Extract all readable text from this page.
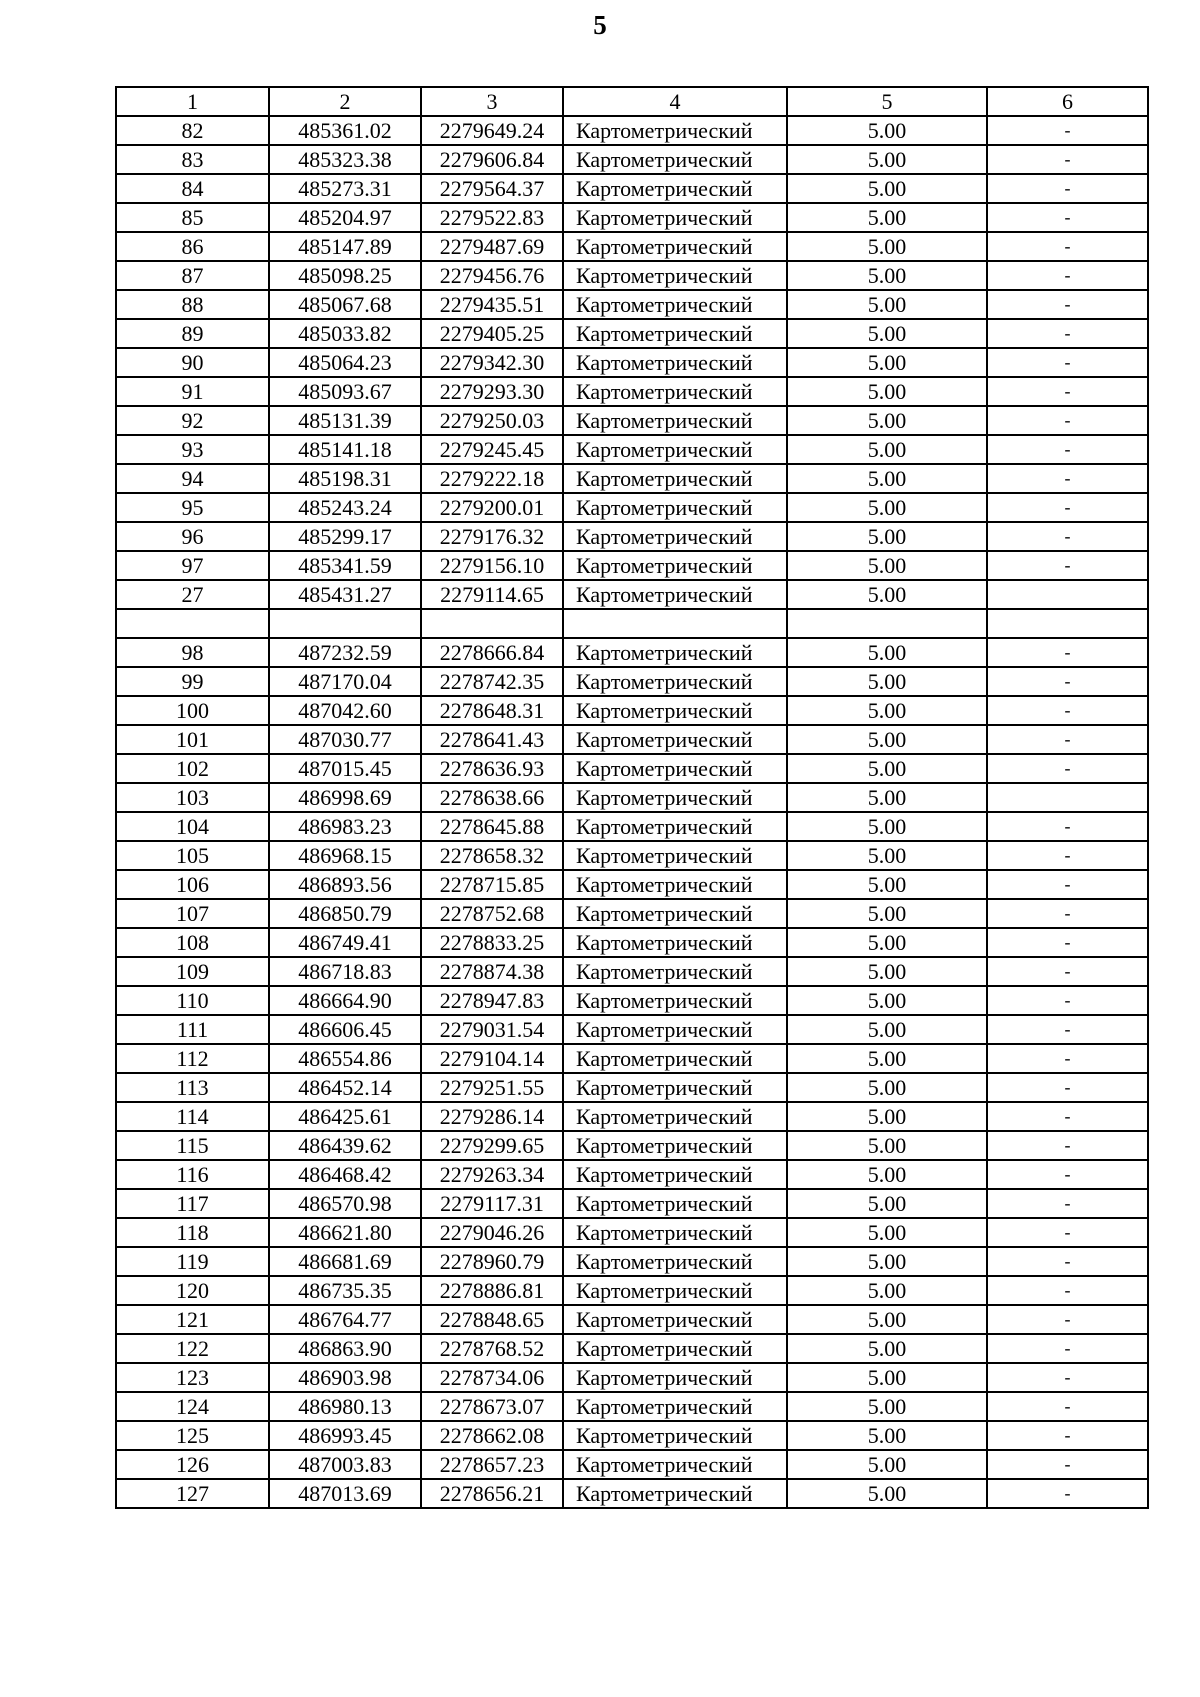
5
1	2	3	4	5	6
82	485361.02	2279649.24	Картометрический	5.00	-
83	485323.38	2279606.84	Картометрический	5.00	-
84	485273.31	2279564.37	Картометрический	5.00	-
85	485204.97	2279522.83	Картометрический	5.00	-
86	485147.89	2279487.69	Картометрический	5.00	-
87	485098.25	2279456.76	Картометрический	5.00	-
88	485067.68	2279435.51	Картометрический	5.00	-
89	485033.82	2279405.25	Картометрический	5.00	-
90	485064.23	2279342.30	Картометрический	5.00	-
91	485093.67	2279293.30	Картометрический	5.00	-
92	485131.39	2279250.03	Картометрический	5.00	-
93	485141.18	2279245.45	Картометрический	5.00	-
94	485198.31	2279222.18	Картометрический	5.00	-
95	485243.24	2279200.01	Картометрический	5.00	-
96	485299.17	2279176.32	Картометрический	5.00	-
97	485341.59	2279156.10	Картометрический	5.00	-
27	485431.27	2279114.65	Картометрический	5.00	

98	487232.59	2278666.84	Картометрический	5.00	-
99	487170.04	2278742.35	Картометрический	5.00	-
100	487042.60	2278648.31	Картометрический	5.00	-
101	487030.77	2278641.43	Картометрический	5.00	-
102	487015.45	2278636.93	Картометрический	5.00	-
103	486998.69	2278638.66	Картометрический	5.00	
104	486983.23	2278645.88	Картометрический	5.00	-
105	486968.15	2278658.32	Картометрический	5.00	-
106	486893.56	2278715.85	Картометрический	5.00	-
107	486850.79	2278752.68	Картометрический	5.00	-
108	486749.41	2278833.25	Картометрический	5.00	-
109	486718.83	2278874.38	Картометрический	5.00	-
110	486664.90	2278947.83	Картометрический	5.00	-
111	486606.45	2279031.54	Картометрический	5.00	-
112	486554.86	2279104.14	Картометрический	5.00	-
113	486452.14	2279251.55	Картометрический	5.00	-
114	486425.61	2279286.14	Картометрический	5.00	-
115	486439.62	2279299.65	Картометрический	5.00	-
116	486468.42	2279263.34	Картометрический	5.00	-
117	486570.98	2279117.31	Картометрический	5.00	-
118	486621.80	2279046.26	Картометрический	5.00	-
119	486681.69	2278960.79	Картометрический	5.00	-
120	486735.35	2278886.81	Картометрический	5.00	-
121	486764.77	2278848.65	Картометрический	5.00	-
122	486863.90	2278768.52	Картометрический	5.00	-
123	486903.98	2278734.06	Картометрический	5.00	-
124	486980.13	2278673.07	Картометрический	5.00	-
125	486993.45	2278662.08	Картометрический	5.00	-
126	487003.83	2278657.23	Картометрический	5.00	-
127	487013.69	2278656.21	Картометрический	5.00	-
